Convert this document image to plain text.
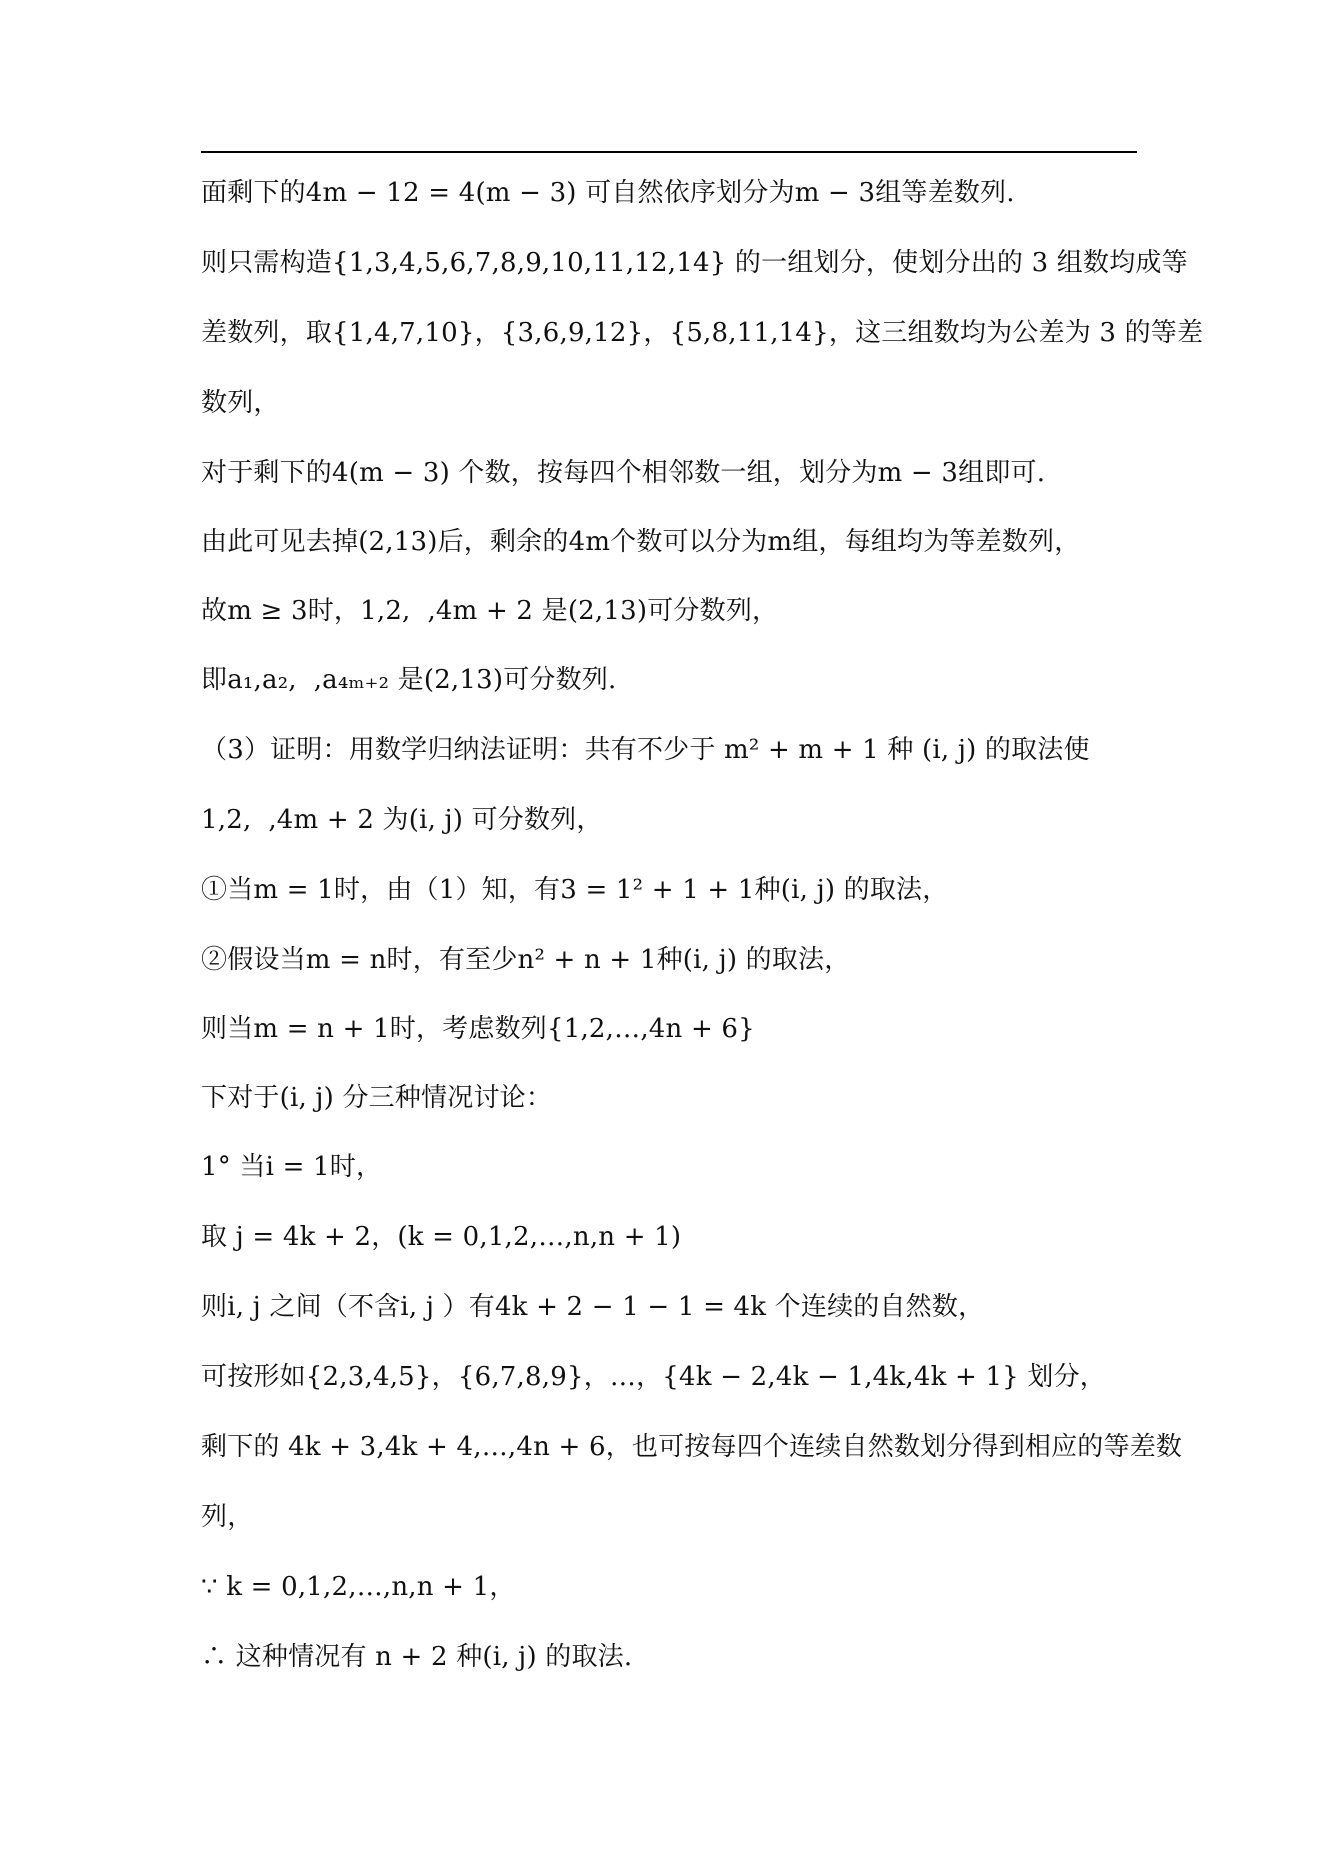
面剩下的4m − 12 = 4(m − 3) 可自然依序划分为m − 3组等差数列.
则只需构造{1,3,4,5,6,7,8,9,10,11,12,14} 的一组划分，使划分出的 3 组数均成等
差数列，取{1,4,7,10}，{3,6,9,12}，{5,8,11,14}，这三组数均为公差为 3 的等差
数列，
对于剩下的4(m − 3) 个数，按每四个相邻数一组，划分为m − 3组即可.
由此可见去掉(2,13)后，剩余的4m个数可以分为m组，每组均为等差数列，
故m ≥ 3时，1,2,  ,4m + 2 是(2,13)可分数列，
即a₁,a₂,  ,a₄ₘ₊₂ 是(2,13)可分数列.
（3）证明：用数学归纳法证明：共有不少于 m² + m + 1 种 (i, j) 的取法使
1,2,  ,4m + 2 为(i, j) 可分数列，
①当m = 1时，由（1）知，有3 = 1² + 1 + 1种(i, j) 的取法，
②假设当m = n时，有至少n² + n + 1种(i, j) 的取法，
则当m = n + 1时，考虑数列{1,2,…,4n + 6}
下对于(i, j) 分三种情况讨论：
1° 当i = 1时，
取 j = 4k + 2，(k = 0,1,2,…,n,n + 1)
则i, j 之间（不含i, j ）有4k + 2 − 1 − 1 = 4k 个连续的自然数，
可按形如{2,3,4,5}，{6,7,8,9}，…，{4k − 2,4k − 1,4k,4k + 1} 划分，
剩下的 4k + 3,4k + 4,…,4n + 6，也可按每四个连续自然数划分得到相应的等差数
列，
∵ k = 0,1,2,…,n,n + 1，
∴ 这种情况有 n + 2 种(i, j) 的取法.
